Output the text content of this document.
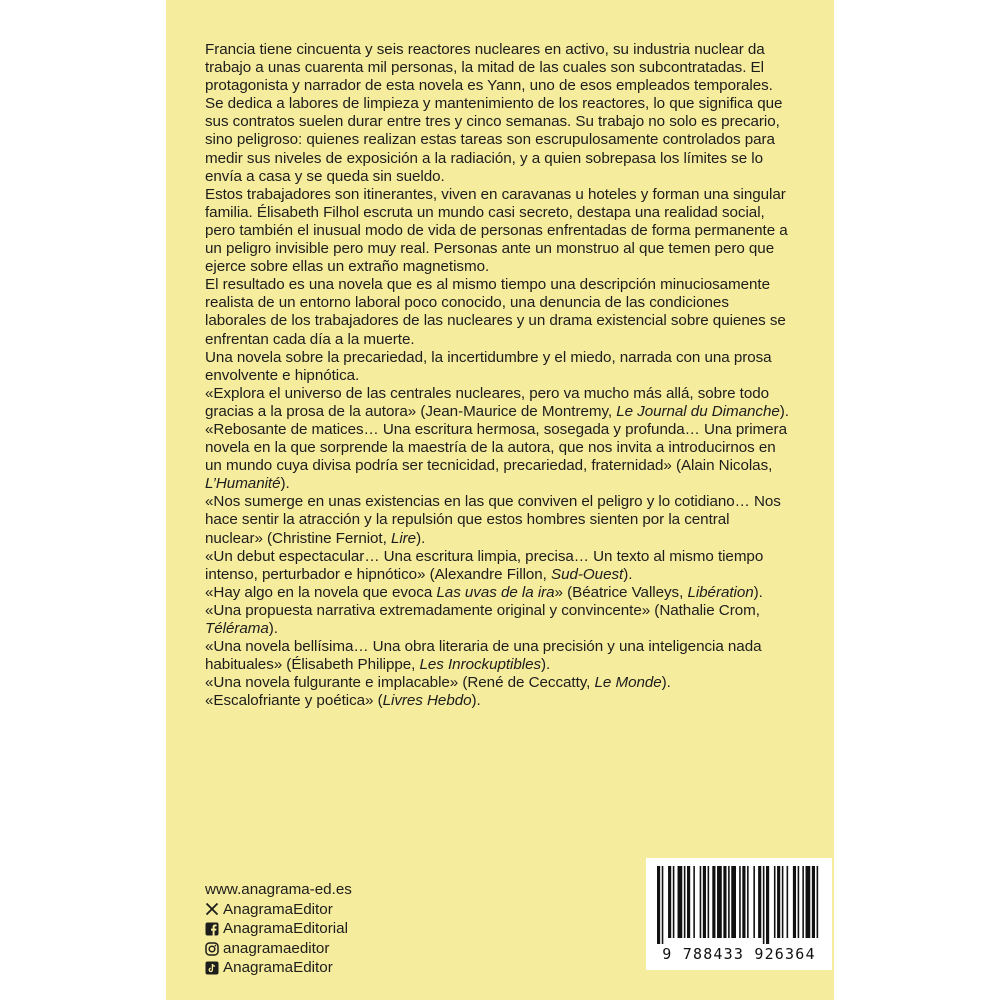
Francia tiene cincuenta y seis reactores nucleares en activo, su industria nuclear da trabajo a unas cuarenta mil personas, la mitad de las cuales son subcontratadas. El protagonista y narrador de esta novela es Yann, uno de esos empleados temporales. Se dedica a labores de limpieza y mantenimiento de los reactores, lo que significa que sus contratos suelen durar entre tres y cinco semanas. Su trabajo no solo es precario, sino peligroso: quienes realizan estas tareas son escrupulosamente controlados para medir sus niveles de exposición a la radiación, y a quien sobrepasa los límites se lo envía a casa y se queda sin sueldo.

Estos trabajadores son itinerantes, viven en caravanas u hoteles y forman una singular familia. Élisabeth Filhol escruta un mundo casi secreto, destapa una realidad social, pero también el inusual modo de vida de personas enfrentadas de forma permanente a un peligro invisible pero muy real. Personas ante un monstruo al que temen pero que ejerce sobre ellas un extraño magnetismo.

El resultado es una novela que es al mismo tiempo una descripción minuciosamente realista de un entorno laboral poco conocido, una denuncia de las condiciones laborales de los trabajadores de las nucleares y un drama existencial sobre quienes se enfrentan cada día a la muerte.

Una novela sobre la precariedad, la incertidumbre y el miedo, narrada con una prosa envolvente e hipnótica.

«Explora el universo de las centrales nucleares, pero va mucho más allá, sobre todo gracias a la prosa de la autora» (Jean-Maurice de Montremy, Le Journal du Dimanche).

«Rebosante de matices… Una escritura hermosa, sosegada y profunda… Una primera novela en la que sorprende la maestría de la autora, que nos invita a introducirnos en un mundo cuya divisa podría ser tecnicidad, precariedad, fraternidad» (Alain Nicolas, L’Humanité).

«Nos sumerge en unas existencias en las que conviven el peligro y lo cotidiano… Nos hace sentir la atracción y la repulsión que estos hombres sienten por la central nuclear» (Christine Ferniot, Lire).

«Un debut espectacular… Una escritura limpia, precisa… Un texto al mismo tiempo intenso, perturbador e hipnótico» (Alexandre Fillon, Sud-Ouest).

«Hay algo en la novela que evoca Las uvas de la ira» (Béatrice Valleys, Libération).

«Una propuesta narrativa extremadamente original y convincente» (Nathalie Crom, Télérama).

«Una novela bellísima… Una obra literaria de una precisión y una inteligencia nada habituales» (Élisabeth Philippe, Les Inrockuptibles).

«Una novela fulgurante e implacable» (René de Ceccatty, Le Monde).

«Escalofriante y poética» (Livres Hebdo).

www.anagrama-ed.es
AnagramaEditor
AnagramaEditorial
anagramaeditor
AnagramaEditor
9 788433 926364
